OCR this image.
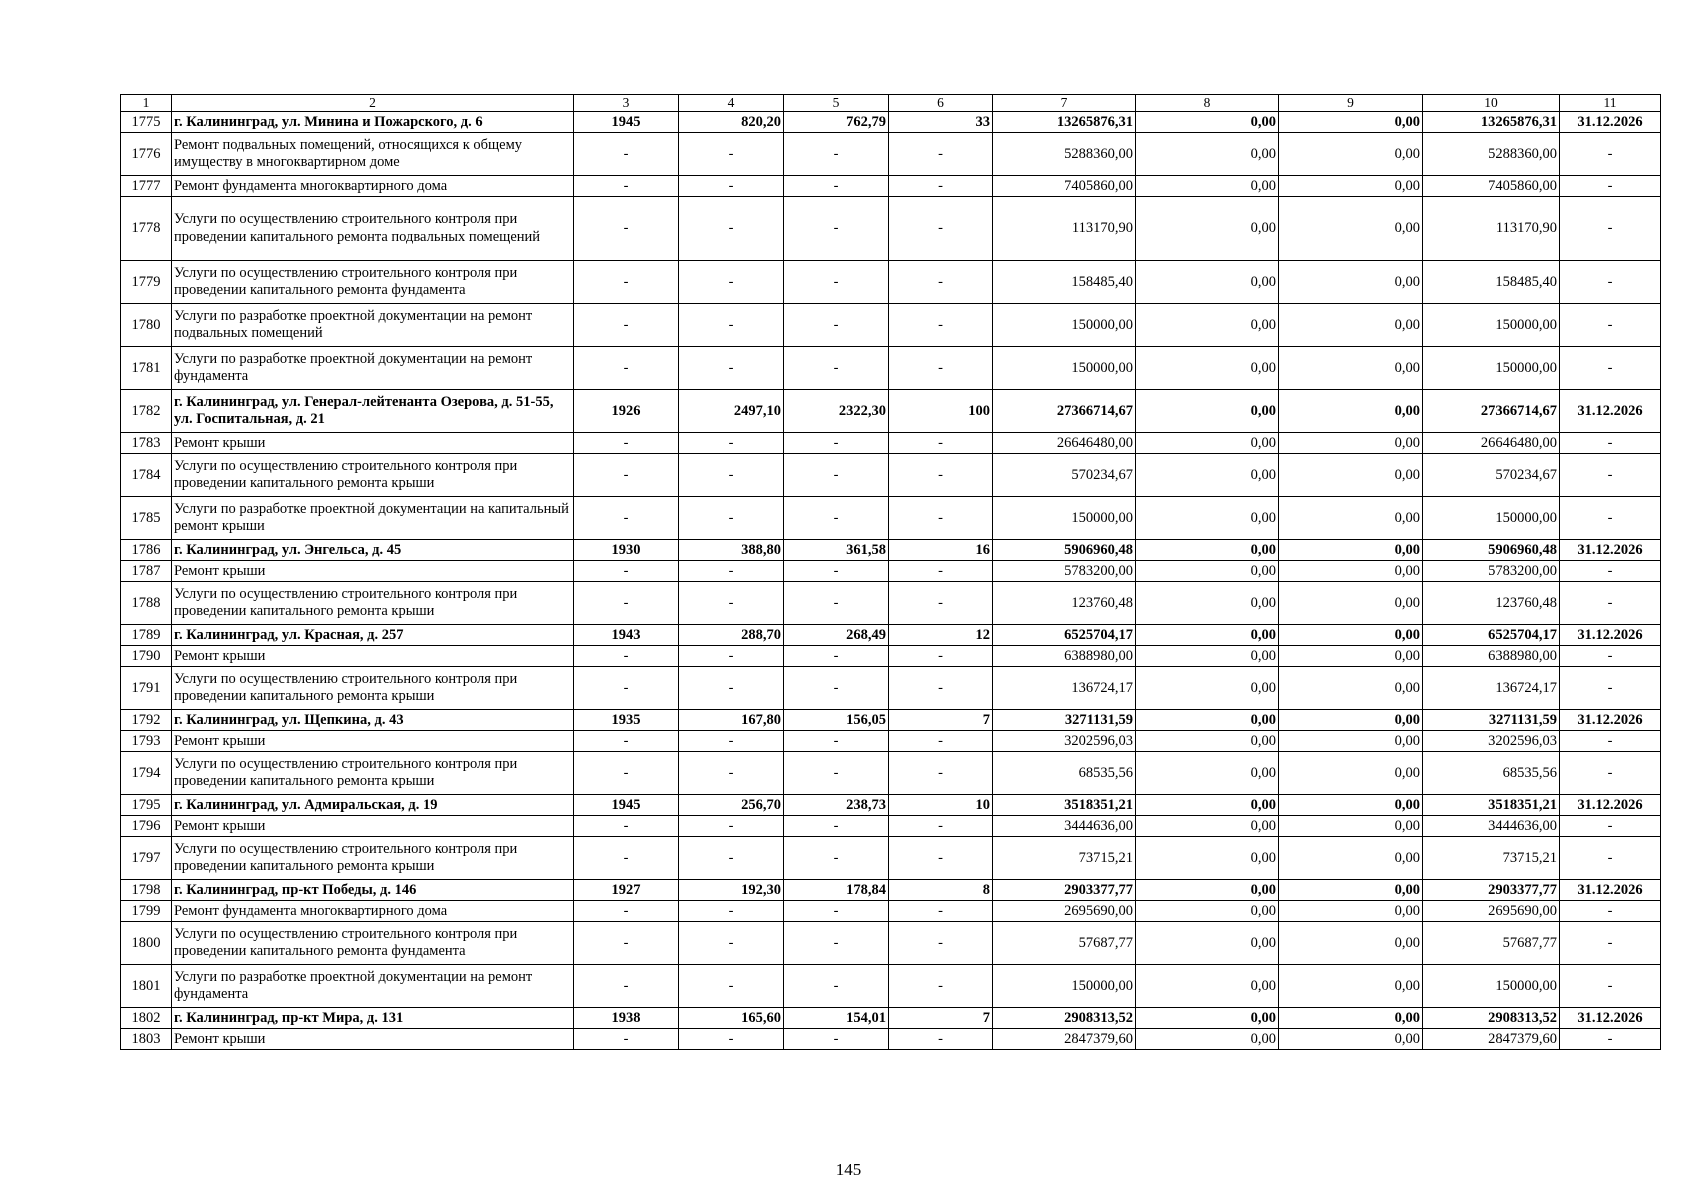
1	2	3	4	5	6	7	8	9	10	11
1775	г. Калининград, ул. Минина и Пожарского, д. 6	1945	820,20	762,79	33	13265876,31	0,00	0,00	13265876,31	31.12.2026
1776	Ремонт подвальных помещений, относящихся к общему имуществу в многоквартирном доме	-	-	-	-	5288360,00	0,00	0,00	5288360,00	-
1777	Ремонт фундамента многоквартирного дома	-	-	-	-	7405860,00	0,00	0,00	7405860,00	-
1778	Услуги по осуществлению строительного контроля при проведении капитального ремонта подвальных помещений	-	-	-	-	113170,90	0,00	0,00	113170,90	-
1779	Услуги по осуществлению строительного контроля при проведении капитального ремонта фундамента	-	-	-	-	158485,40	0,00	0,00	158485,40	-
1780	Услуги по разработке проектной документации на ремонт подвальных помещений	-	-	-	-	150000,00	0,00	0,00	150000,00	-
1781	Услуги по разработке проектной документации на ремонт фундамента	-	-	-	-	150000,00	0,00	0,00	150000,00	-
1782	г. Калининград, ул. Генерал-лейтенанта Озерова, д. 51-55, ул. Госпитальная, д. 21	1926	2497,10	2322,30	100	27366714,67	0,00	0,00	27366714,67	31.12.2026
1783	Ремонт крыши	-	-	-	-	26646480,00	0,00	0,00	26646480,00	-
1784	Услуги по осуществлению строительного контроля при проведении капитального ремонта крыши	-	-	-	-	570234,67	0,00	0,00	570234,67	-
1785	Услуги по разработке проектной документации на капитальный ремонт крыши	-	-	-	-	150000,00	0,00	0,00	150000,00	-
1786	г. Калининград, ул. Энгельса, д. 45	1930	388,80	361,58	16	5906960,48	0,00	0,00	5906960,48	31.12.2026
1787	Ремонт крыши	-	-	-	-	5783200,00	0,00	0,00	5783200,00	-
1788	Услуги по осуществлению строительного контроля при проведении капитального ремонта крыши	-	-	-	-	123760,48	0,00	0,00	123760,48	-
1789	г. Калининград, ул. Красная, д. 257	1943	288,70	268,49	12	6525704,17	0,00	0,00	6525704,17	31.12.2026
1790	Ремонт крыши	-	-	-	-	6388980,00	0,00	0,00	6388980,00	-
1791	Услуги по осуществлению строительного контроля при проведении капитального ремонта крыши	-	-	-	-	136724,17	0,00	0,00	136724,17	-
1792	г. Калининград, ул. Щепкина, д. 43	1935	167,80	156,05	7	3271131,59	0,00	0,00	3271131,59	31.12.2026
1793	Ремонт крыши	-	-	-	-	3202596,03	0,00	0,00	3202596,03	-
1794	Услуги по осуществлению строительного контроля при проведении капитального ремонта крыши	-	-	-	-	68535,56	0,00	0,00	68535,56	-
1795	г. Калининград, ул. Адмиральская, д. 19	1945	256,70	238,73	10	3518351,21	0,00	0,00	3518351,21	31.12.2026
1796	Ремонт крыши	-	-	-	-	3444636,00	0,00	0,00	3444636,00	-
1797	Услуги по осуществлению строительного контроля при проведении капитального ремонта крыши	-	-	-	-	73715,21	0,00	0,00	73715,21	-
1798	г. Калининград, пр-кт Победы, д. 146	1927	192,30	178,84	8	2903377,77	0,00	0,00	2903377,77	31.12.2026
1799	Ремонт фундамента многоквартирного дома	-	-	-	-	2695690,00	0,00	0,00	2695690,00	-
1800	Услуги по осуществлению строительного контроля при проведении капитального ремонта фундамента	-	-	-	-	57687,77	0,00	0,00	57687,77	-
1801	Услуги по разработке проектной документации на ремонт фундамента	-	-	-	-	150000,00	0,00	0,00	150000,00	-
1802	г. Калининград, пр-кт Мира, д. 131	1938	165,60	154,01	7	2908313,52	0,00	0,00	2908313,52	31.12.2026
1803	Ремонт крыши	-	-	-	-	2847379,60	0,00	0,00	2847379,60	-
145
